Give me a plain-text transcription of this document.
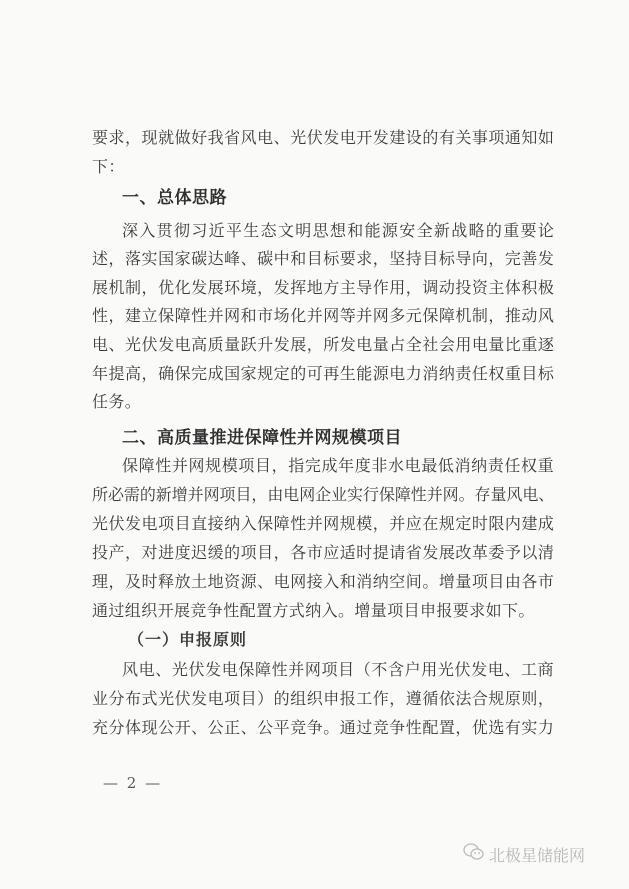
要 求 ， 现 就 做 好 我 省 风 电 、 光 伏 发 电 开 发 建 设 的 有 关 事 项 通 知 如
下：
一、总体思路
深 入 贯 彻 习 近 平 生 态 文 明 思 想 和 能 源 安 全 新 战 略 的 重 要 论
述 ， 落 实 国 家 碳 达 峰 、 碳 中 和 目 标 要 求 ， 坚 持 目 标 导 向 ， 完 善 发
展 机 制 ， 优 化 发 展 环 境 ， 发 挥 地 方 主 导 作 用 ， 调 动 投 资 主 体 积 极
性 ， 建 立 保 障 性 并 网 和 市 场 化 并 网 等 并 网 多 元 保 障 机 制 ， 推 动 风
电 、 光 伏 发 电 高 质 量 跃 升 发 展 ， 所 发 电 量 占 全 社 会 用 电 量 比 重 逐
年 提 高 ， 确 保 完 成 国 家 规 定 的 可 再 生 能 源 电 力 消 纳 责 任 权 重 目 标
任务。
二、高质量推进保障性并网规模项目
保 障 性 并 网 规 模 项 目 ， 指 完 成 年 度 非 水 电 最 低 消 纳 责 任 权 重
所 必 需 的 新 增 并 网 项 目 ， 由 电 网 企 业 实 行 保 障 性 并 网 。 存 量 风 电 、
光 伏 发 电 项 目 直 接 纳 入 保 障 性 并 网 规 模 ， 并 应 在 规 定 时 限 内 建 成
投 产 ， 对 进 度 迟 缓 的 项 目 ， 各 市 应 适 时 提 请 省 发 展 改 革 委 予 以 清
理 ， 及 时 释 放 土 地 资 源 、 电 网 接 入 和 消 纳 空 间 。 增 量 项 目 由 各 市
通过组织开展竞争性配置方式纳入。增量项目申报要求如下。
（一）申报原则
风 电 、 光 伏 发 电 保 障 性 并 网 项 目 （ 不 含 户 用 光 伏 发 电 、 工 商
业 分 布 式 光 伏 发 电 项 目 ） 的 组 织 申 报 工 作 ， 遵 循 依 法 合 规 原 则 ，
充 分 体 现 公 开 、 公 正 、 公 平 竞 争 。 通 过 竞 争 性 配 置 ， 优 选 有 实 力
— 2 —
北极星储能网
